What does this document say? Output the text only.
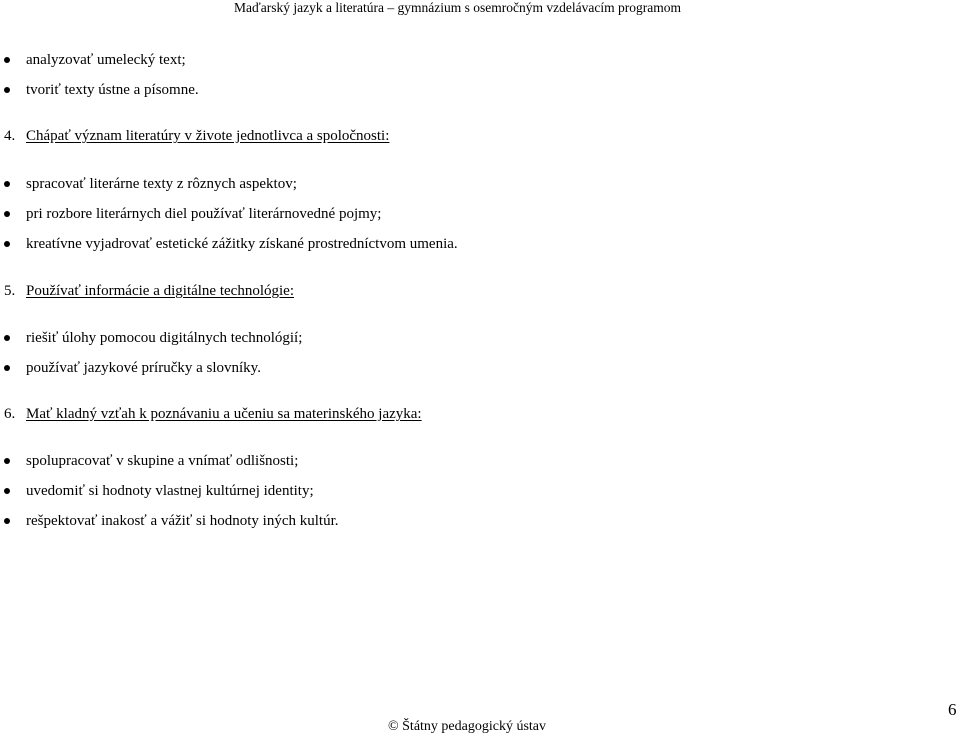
Maďarský jazyk a literatúra – gymnázium s osemročným vzdelávacím programom
analyzovať umelecký text;
tvoriť texty ústne a písomne.
4. Chápať význam literatúry v živote jednotlivca a spoločnosti:
spracovať literárne texty z rôznych aspektov;
pri rozbore literárnych diel používať literárnovedné pojmy;
kreatívne vyjadrovať estetické zážitky získané prostredníctvom umenia.
5. Používať informácie a digitálne technológie:
riešiť úlohy pomocou digitálnych technológií;
používať jazykové príručky a slovníky.
6. Mať kladný vzťah k poznávaniu a učeniu sa materinského jazyka:
spolupracovať v skupine a vnímať odlišnosti;
uvedomiť si hodnoty vlastnej kultúrnej identity;
rešpektovať inakosť a vážiť si hodnoty iných kultúr.
© Štátny pedagogický ústav
6
